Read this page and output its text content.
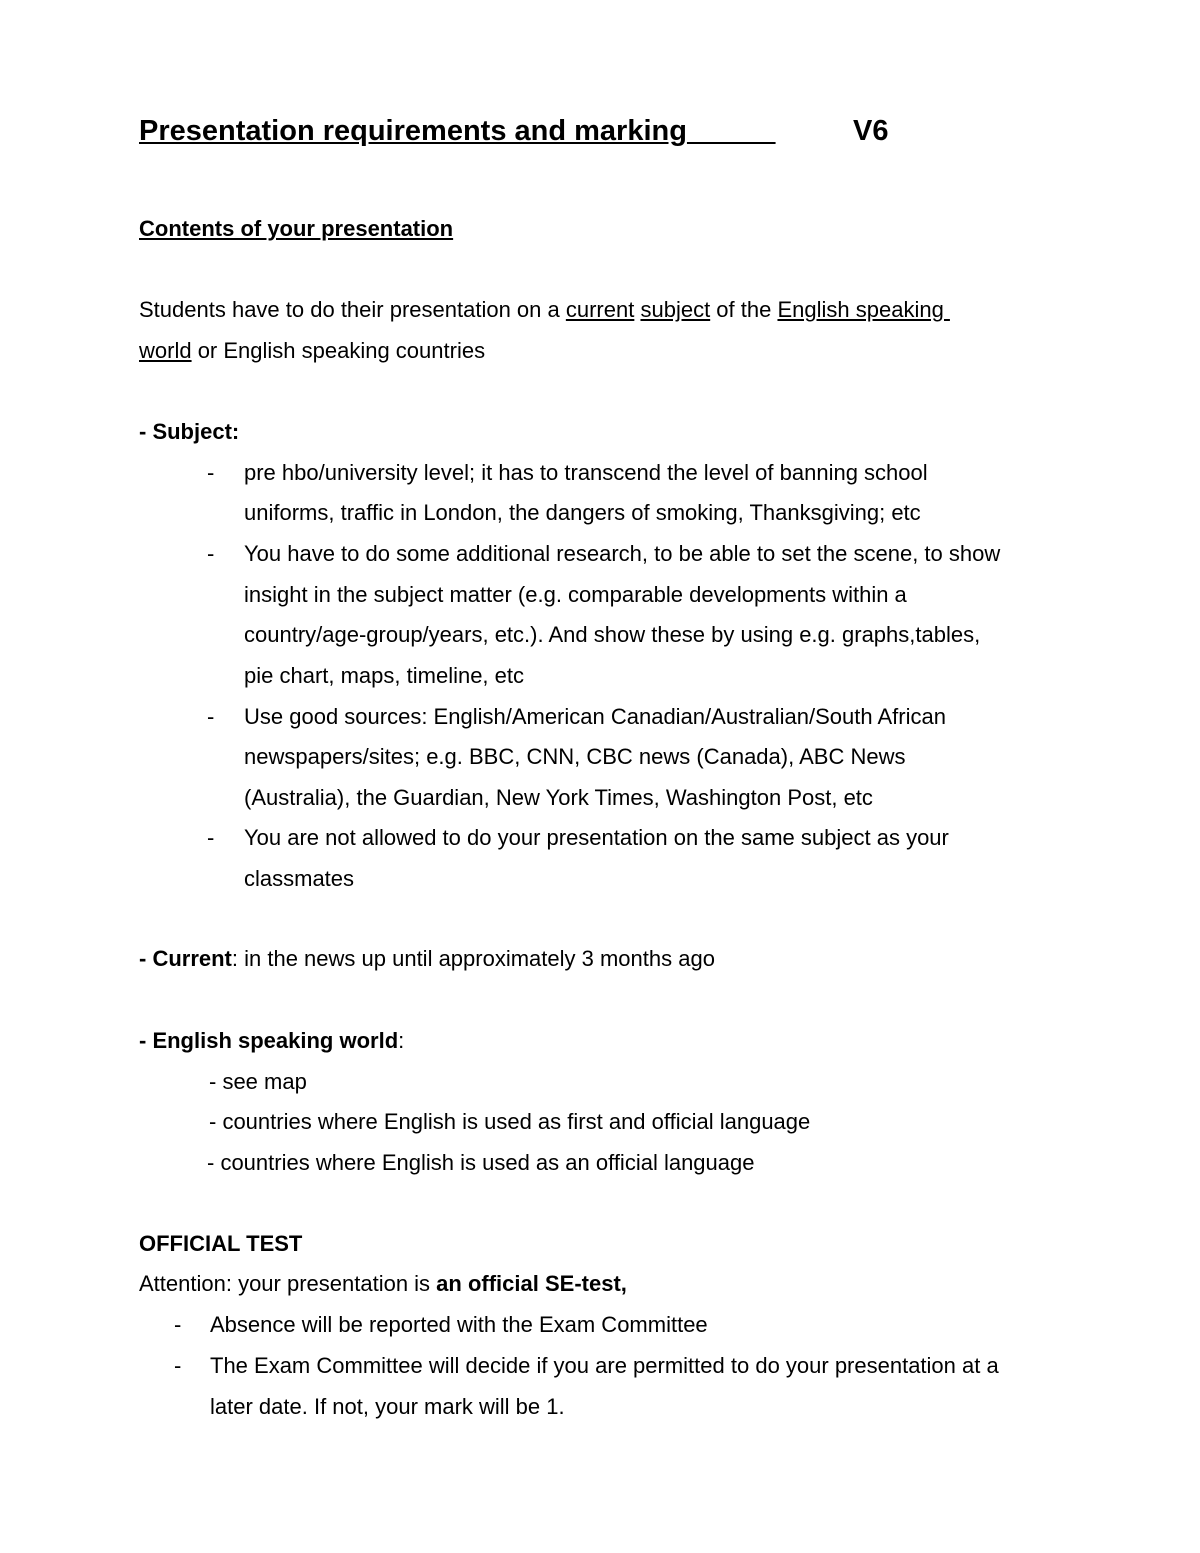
Presentation requirements and marking	V6
Contents of your presentation
Students have to do their presentation on a current subject of the English speaking
world or English speaking countries
- Subject:
- pre hbo/university level; it has to transcend the level of banning school
uniforms, traffic in London, the dangers of smoking, Thanksgiving; etc
- You have to do some additional research, to be able to set the scene, to show
insight in the subject matter (e.g. comparable developments within a
country/age-group/years, etc.). And show these by using e.g. graphs,tables,
pie chart, maps, timeline, etc
- Use good sources: English/American Canadian/Australian/South African
newspapers/sites; e.g. BBC, CNN, CBC news (Canada), ABC News
(Australia), the Guardian, New York Times, Washington Post, etc
- You are not allowed to do your presentation on the same subject as your
classmates
- Current: in the news up until approximately 3 months ago
- English speaking world:
- see map
- countries where English is used as first and official language
- countries where English is used as an official language
OFFICIAL TEST
Attention: your presentation is an official SE-test,
- Absence will be reported with the Exam Committee
- The Exam Committee will decide if you are permitted to do your presentation at a
later date. If not, your mark will be 1.
